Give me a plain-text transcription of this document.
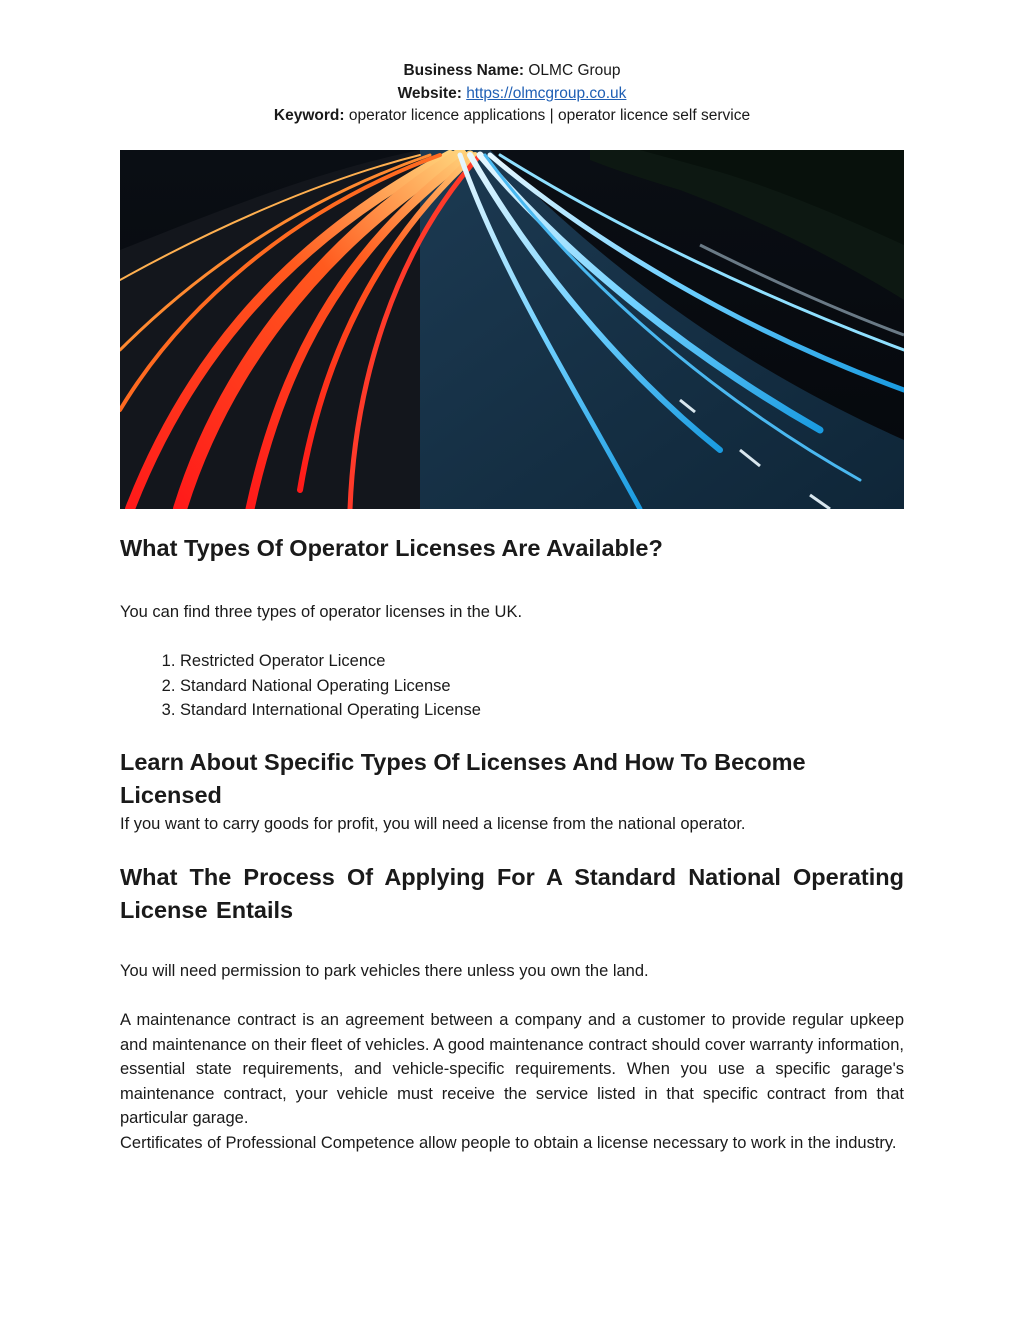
Business Name: OLMC Group
Website: https://olmcgroup.co.uk
Keyword: operator licence applications | operator licence self service
What Types Of Operator Licenses Are Available?

You can find three types of operator licenses in the UK.

1. Restricted Operator Licence
2. Standard National Operating License
3. Standard International Operating License
Learn About Specific Types Of Licenses And How To Become Licensed

If you want to carry goods for profit, you will need a license from the national operator.

What The Process Of Applying For A Standard National Operating License Entails

You will need permission to park vehicles there unless you own the land.

A maintenance contract is an agreement between a company and a customer to provide regular upkeep and maintenance on their fleet of vehicles. A good maintenance contract should cover warranty information, essential state requirements, and vehicle-specific requirements. When you use a specific garage's maintenance contract, your vehicle must receive the service listed in that specific contract from that particular garage.

Certificates of Professional Competence allow people to obtain a license necessary to work in the industry.
